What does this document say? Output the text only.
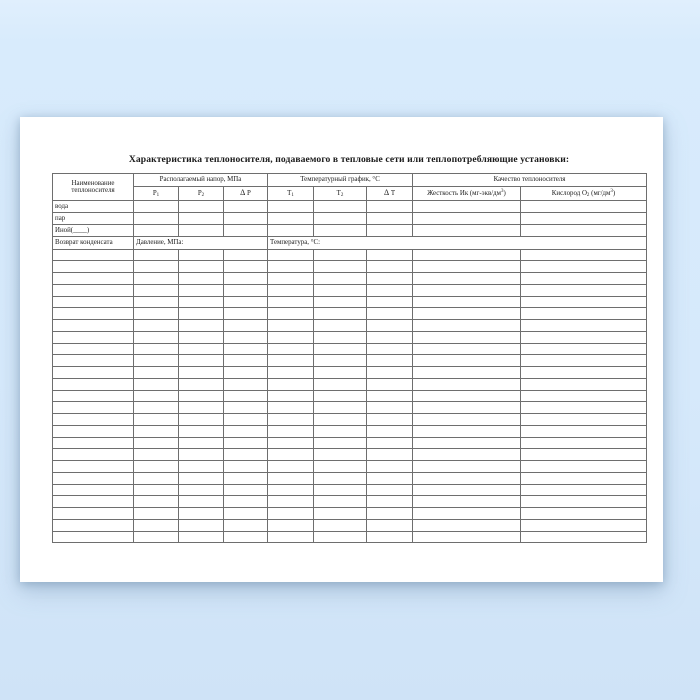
Характеристика теплоносителя, подаваемого в тепловые сети или теплопотребляющие установки:
Наименование
теплоносителя	Располагаемый напор, МПа			Температурный график, °С			Качество теплоносителя	
	$Р_1$	$Р_2$	Δ Р	$Т_1$	$Т_2$	Δ Т	Жесткость Ик $(мг-экв/дм^3)$	Кислород $О_2$ $(мг/дм^3)$
вода								
пар								
Иной(____)								
Возврат конденсата	Давление, МПа:			Температура, °С:				
